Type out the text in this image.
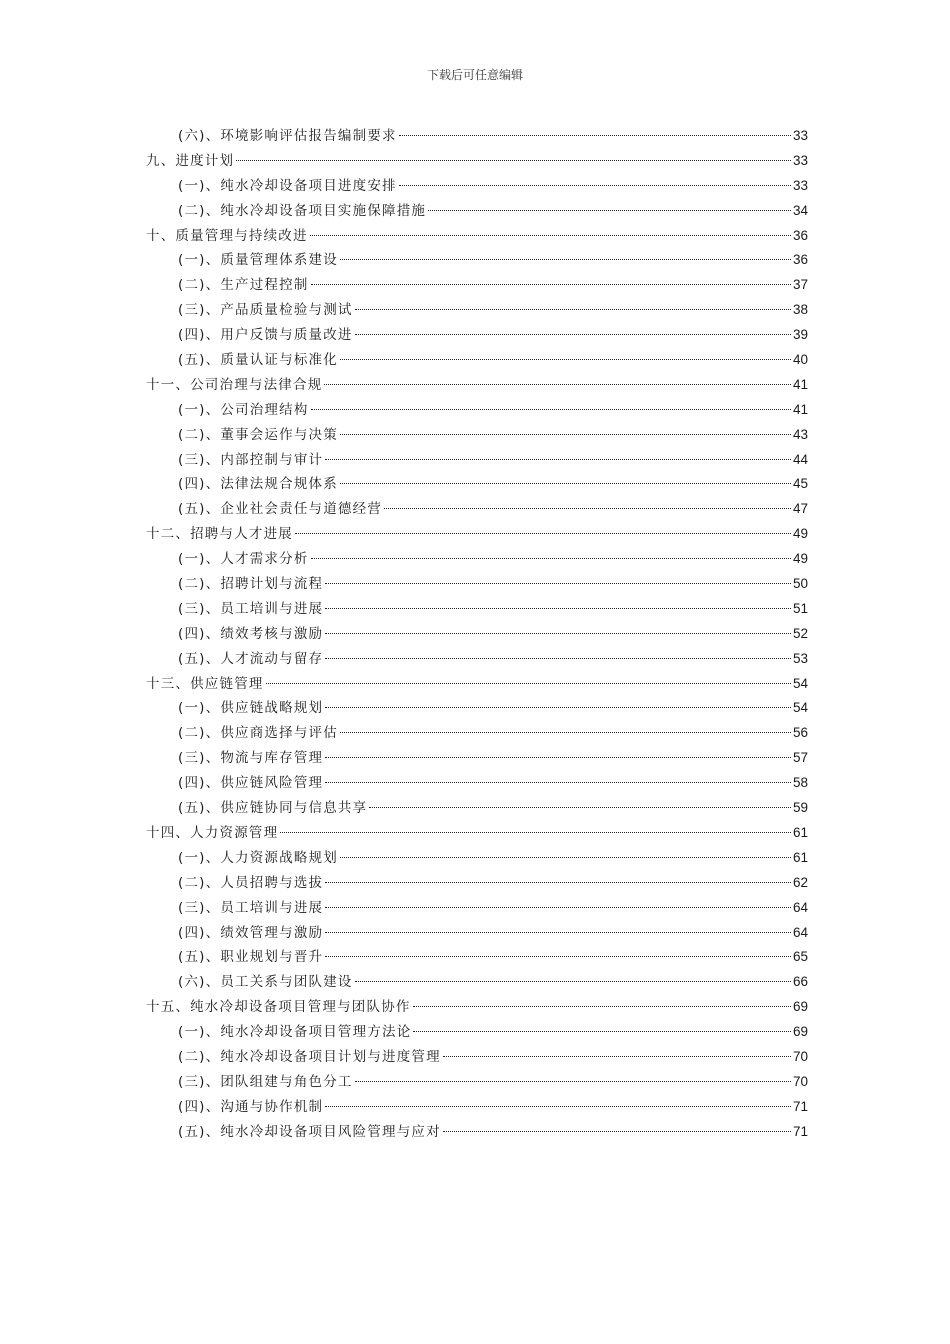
下载后可任意编辑
(六)、环境影响评估报告编制要求	33
九、进度计划	33
(一)、纯水冷却设备项目进度安排	33
(二)、纯水冷却设备项目实施保障措施	34
十、质量管理与持续改进	36
(一)、质量管理体系建设	36
(二)、生产过程控制	37
(三)、产品质量检验与测试	38
(四)、用户反馈与质量改进	39
(五)、质量认证与标准化	40
十一、公司治理与法律合规	41
(一)、公司治理结构	41
(二)、董事会运作与决策	43
(三)、内部控制与审计	44
(四)、法律法规合规体系	45
(五)、企业社会责任与道德经营	47
十二、招聘与人才进展	49
(一)、人才需求分析	49
(二)、招聘计划与流程	50
(三)、员工培训与进展	51
(四)、绩效考核与激励	52
(五)、人才流动与留存	53
十三、供应链管理	54
(一)、供应链战略规划	54
(二)、供应商选择与评估	56
(三)、物流与库存管理	57
(四)、供应链风险管理	58
(五)、供应链协同与信息共享	59
十四、人力资源管理	61
(一)、人力资源战略规划	61
(二)、人员招聘与选拔	62
(三)、员工培训与进展	64
(四)、绩效管理与激励	64
(五)、职业规划与晋升	65
(六)、员工关系与团队建设	66
十五、纯水冷却设备项目管理与团队协作	69
(一)、纯水冷却设备项目管理方法论	69
(二)、纯水冷却设备项目计划与进度管理	70
(三)、团队组建与角色分工	70
(四)、沟通与协作机制	71
(五)、纯水冷却设备项目风险管理与应对	71
